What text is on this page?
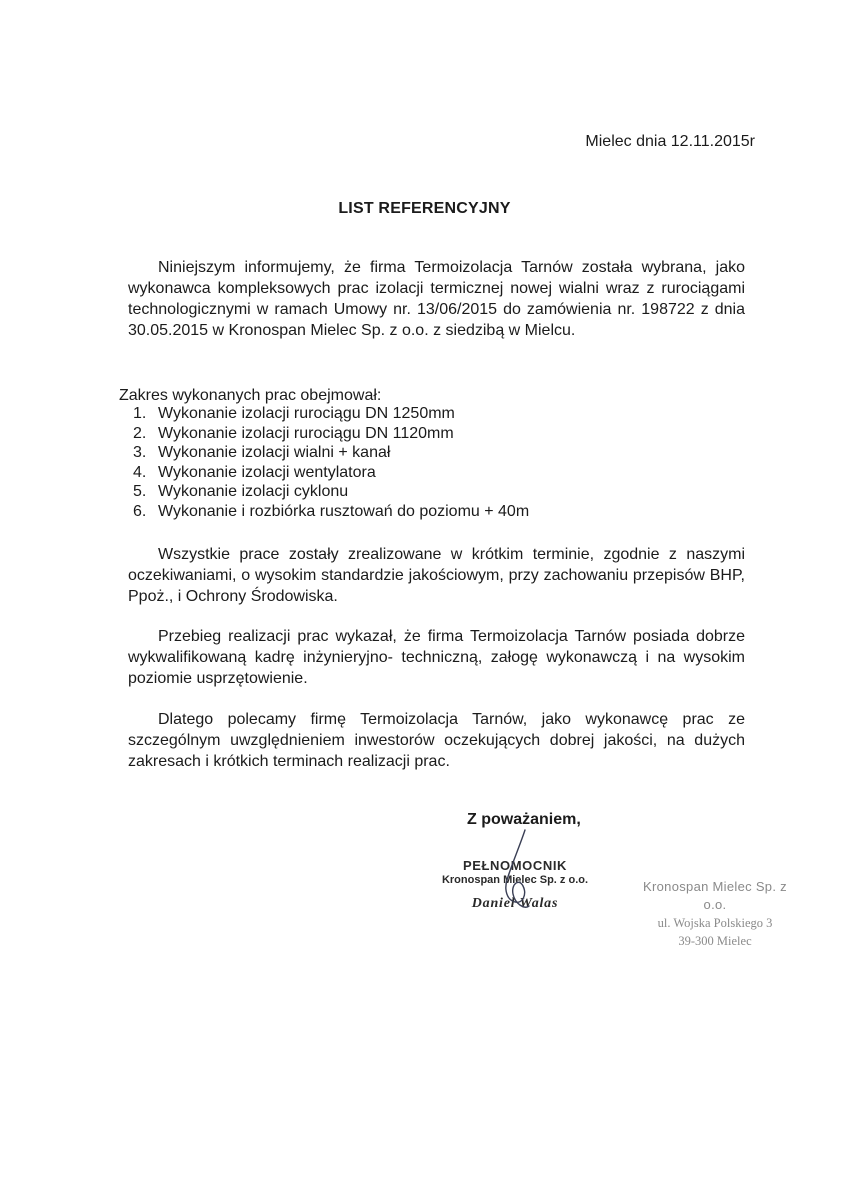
Mielec dnia 12.11.2015r
LIST REFERENCYJNY
Niniejszym informujemy, że firma Termoizolacja Tarnów została wybrana, jako wykonawca kompleksowych prac izolacji termicznej nowej wialni wraz z rurociągami technologicznymi w ramach Umowy nr. 13/06/2015 do zamówienia nr. 198722 z dnia 30.05.2015 w Kronospan Mielec Sp. z o.o. z siedzibą w Mielcu.
Zakres wykonanych prac obejmował:
1. Wykonanie izolacji rurociągu DN 1250mm
2. Wykonanie izolacji rurociągu DN 1120mm
3. Wykonanie izolacji wialni + kanał
4. Wykonanie izolacji wentylatora
5. Wykonanie izolacji cyklonu
6. Wykonanie i rozbiórka rusztowań do poziomu + 40m
Wszystkie prace zostały zrealizowane w krótkim terminie, zgodnie z naszymi oczekiwaniami, o wysokim standardzie jakościowym, przy zachowaniu przepisów BHP, Ppoż., i Ochrony Środowiska.
Przebieg realizacji prac wykazał, że firma Termoizolacja Tarnów posiada dobrze wykwalifikowaną kadrę inżynieryjno- techniczną, załogę wykonawczą i na wysokim poziomie usprzętowienie.
Dlatego polecamy firmę Termoizolacja Tarnów, jako wykonawcę prac ze szczególnym uwzględnieniem inwestorów oczekujących dobrej jakości, na dużych zakresach i krótkich terminach realizacji prac.
Z poważaniem,
PEŁNOMOCNIK
Kronospan Mielec Sp. z o.o.
Daniel Walas
Kronospan Mielec Sp. z o.o.
ul. Wojska Polskiego 3
39-300 Mielec
